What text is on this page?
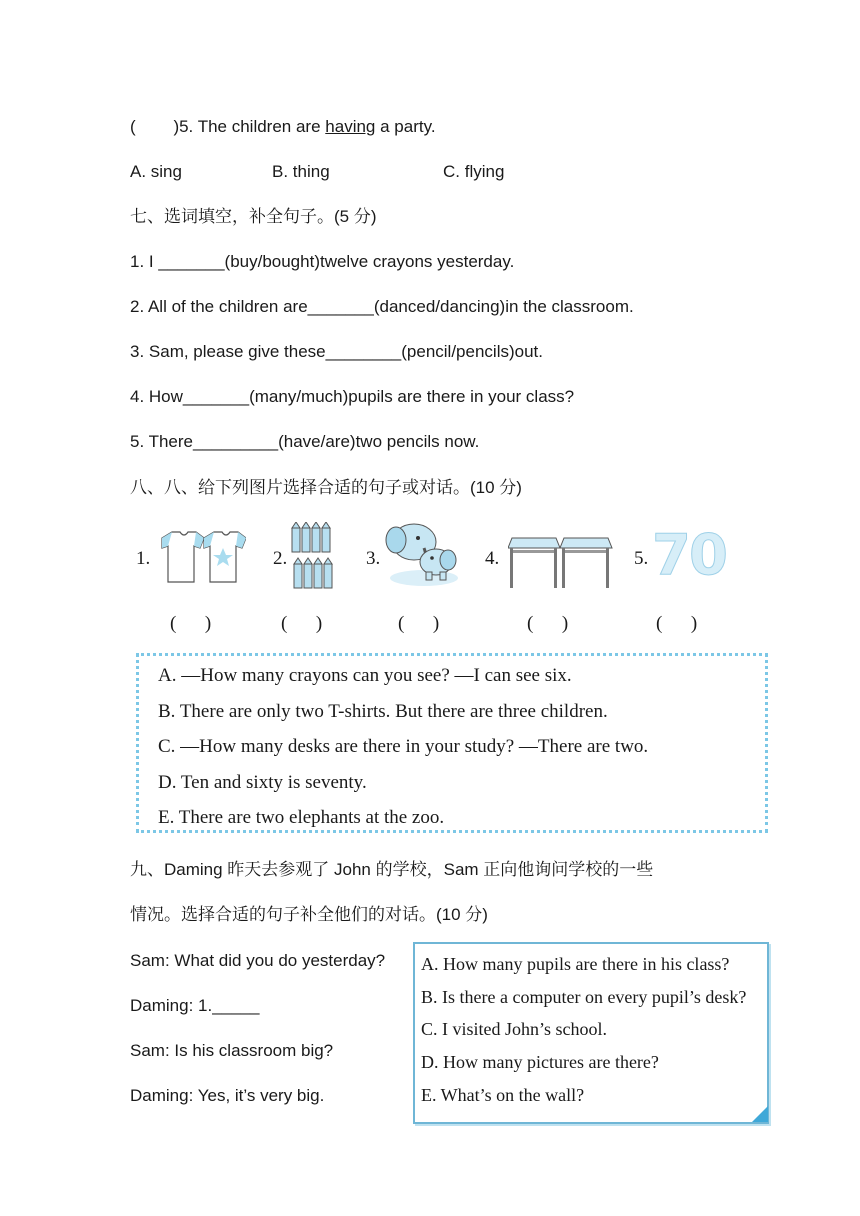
(        )5. The children are having a party.
A. sing	B. thing	C. flying
七、选词填空，补全句子。(5 分)
1. I _______(buy/bought)twelve crayons yesterday.
2. All of the children are_______(danced/dancing)in the classroom.
3. Sam, please give these________(pencil/pencils)out.
4. How_______(many/much)pupils are there in your class?
5. There_________(have/are)two pencils now.
八、八、给下列图片选择合适的句子或对话。(10 分)
1.	2.	3.	4.	5. 70
(      )	(      )	(      )	(      )	(      )
A. —How many crayons can you see? —I can see six.
B. There are only two T-shirts. But there are three children.
C. —How many desks are there in your study? —There are two.
D. Ten and sixty is seventy.
E. There are two elephants at the zoo.
九、Daming 昨天去参观了 John 的学校，Sam 正向他询问学校的一些
情况。选择合适的句子补全他们的对话。(10 分)
Sam: What did you do yesterday?
Daming: 1._____
Sam: Is his classroom big?
Daming: Yes, it’s very big.
A. How many pupils are there in his class?
B. Is there a computer on every pupil’s desk?
C. I visited John’s school.
D. How many pictures are there?
E. What’s on the wall?
